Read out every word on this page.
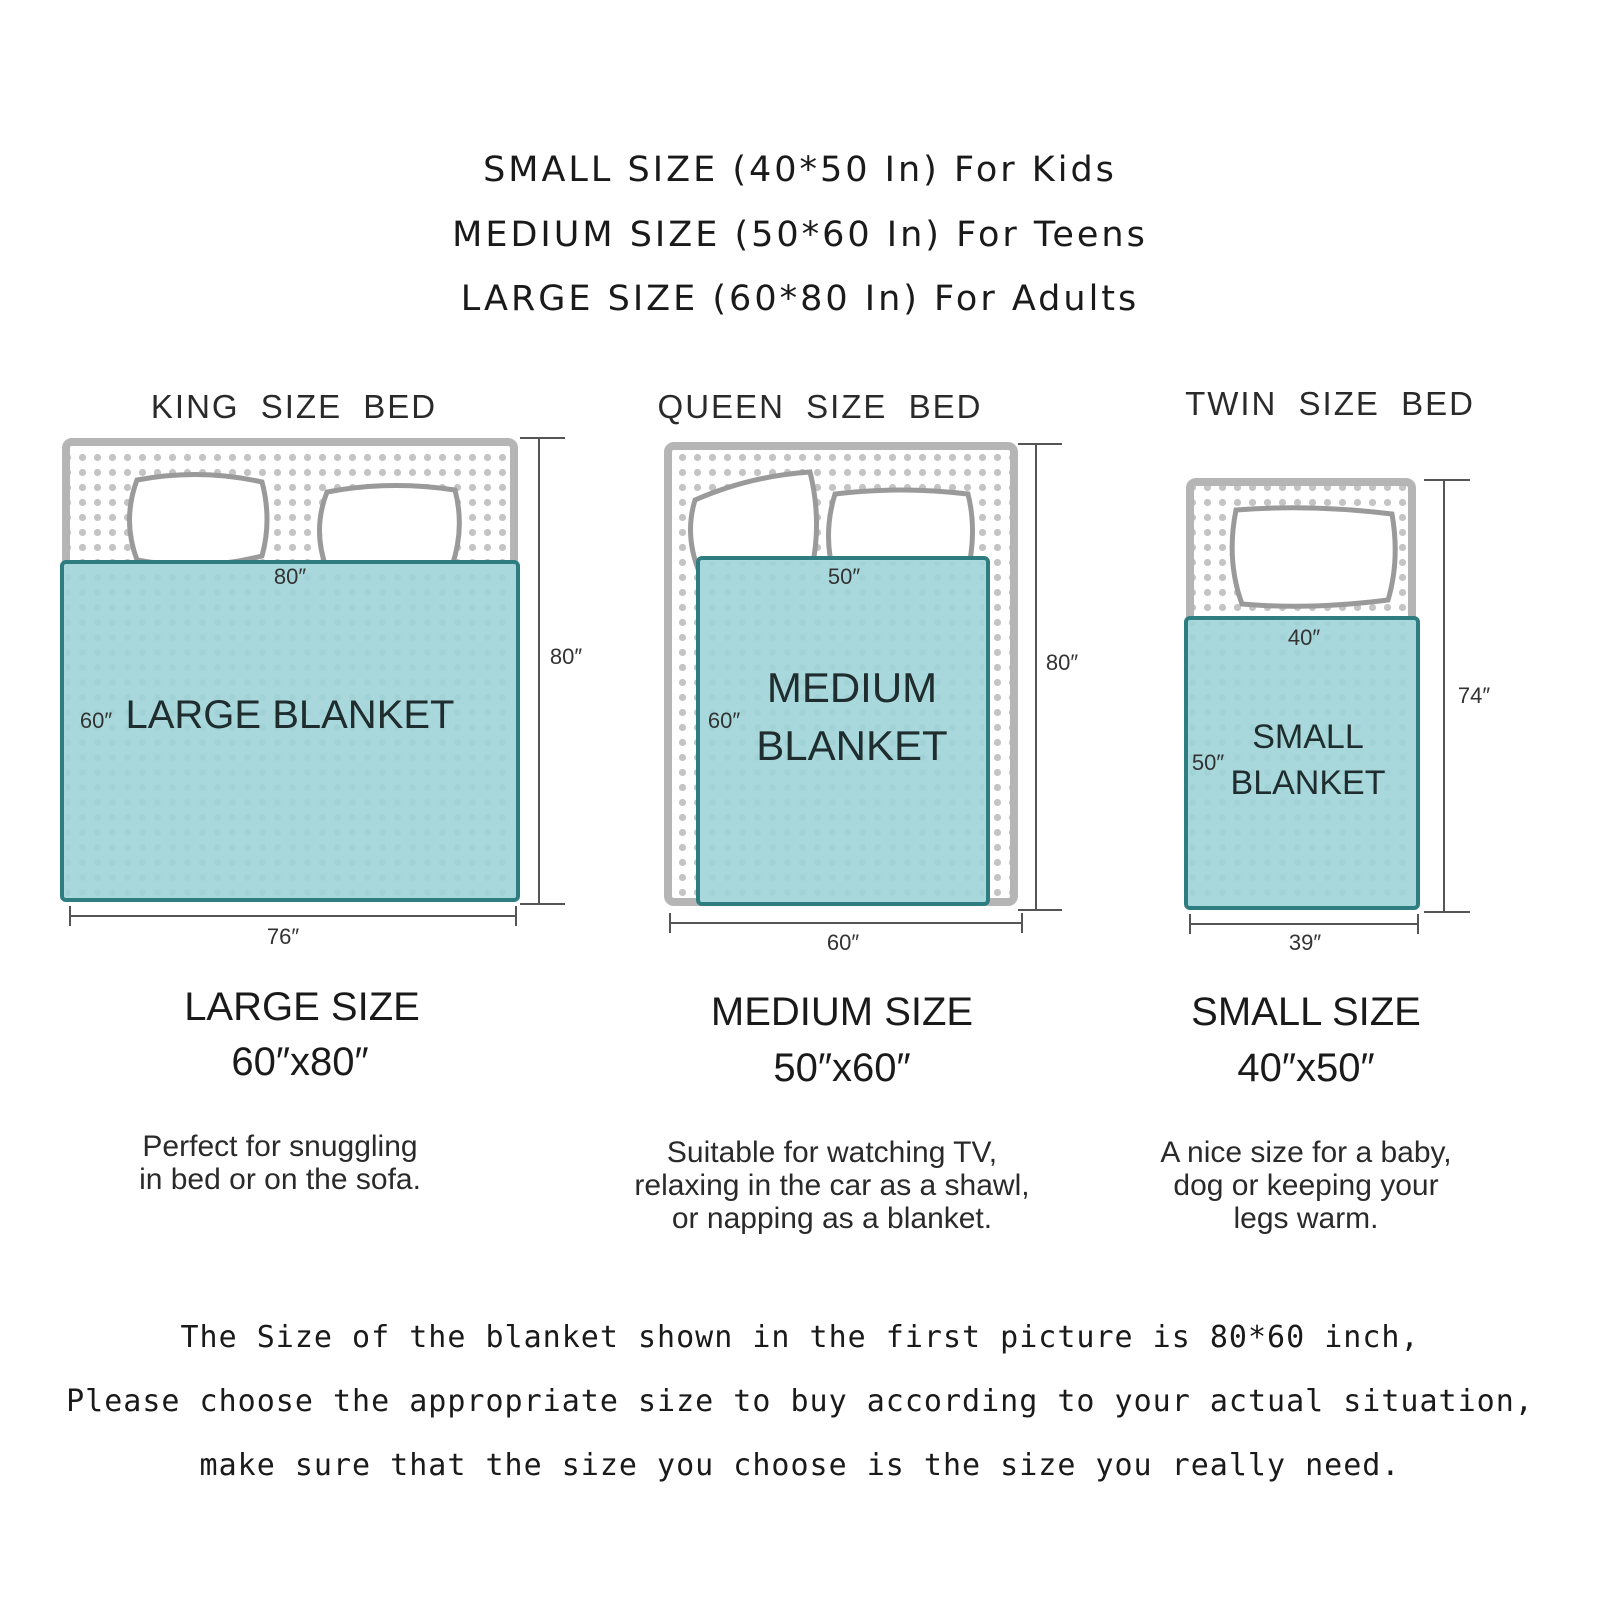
SMALL SIZE (40*50 In) For Kids
MEDIUM SIZE (50*60 In) For Teens
LARGE SIZE (60*80 In) For Adults
KING SIZE BED	QUEEN SIZE BED	TWIN SIZE BED
LARGE BLANKET
80″
60″
80″
76″
MEDIUM
BLANKET
50″
60″
80″
60″
SMALL
BLANKET
40″
50″
74″
39″
LARGE SIZE
60″x80″
MEDIUM SIZE
50″x60″
SMALL SIZE
40″x50″
Perfect for snuggling
in bed or on the sofa.
Suitable for watching TV,
relaxing in the car as a shawl,
or napping as a blanket.
A nice size for a baby,
dog or keeping your
legs warm.
The Size of the blanket shown in the first picture is 80*60 inch,
Please choose the appropriate size to buy according to your actual situation,
make sure that the size you choose is the size you really need.
